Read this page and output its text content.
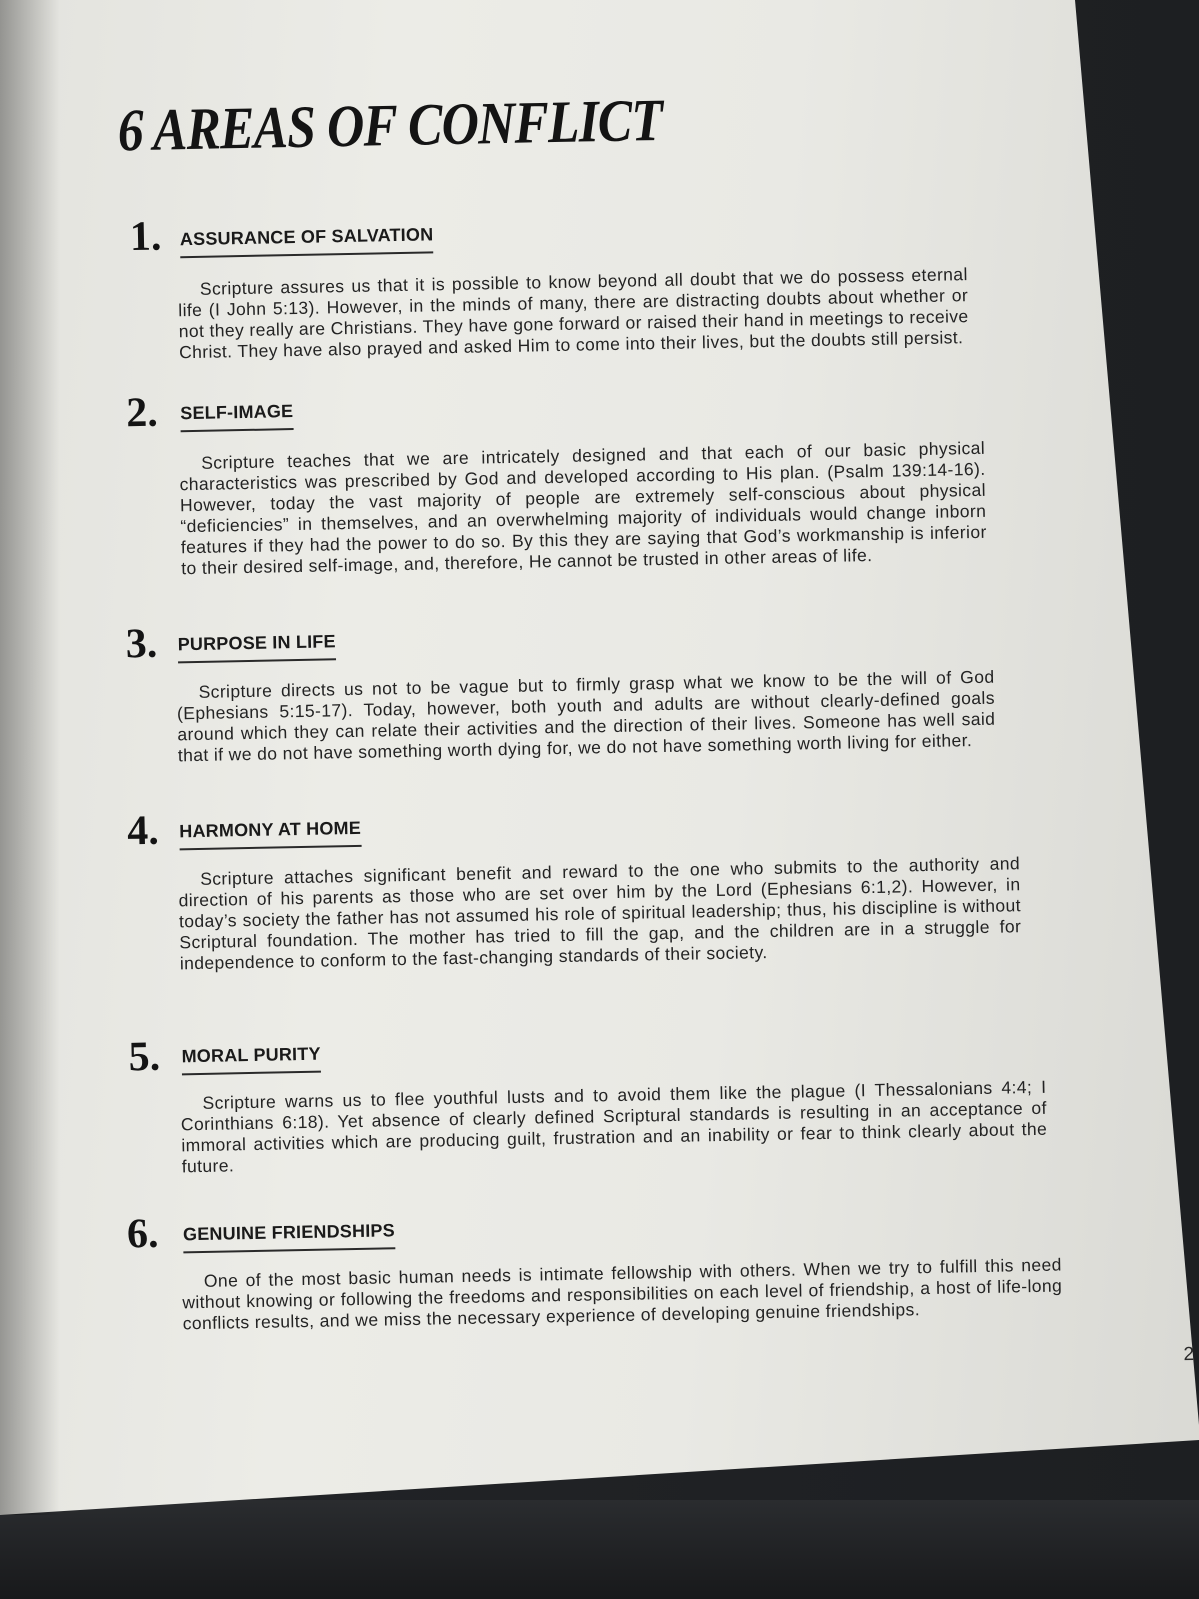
6 AREAS OF CONFLICT
1. ASSURANCE OF SALVATION
Scripture assures us that it is possible to know beyond all doubt that we do possess eternal life (I John 5:13). However, in the minds of many, there are distracting doubts about whether or not they really are Christians. They have gone forward or raised their hand in meetings to receive Christ. They have also prayed and asked Him to come into their lives, but the doubts still persist.
2. SELF-IMAGE
Scripture teaches that we are intricately designed and that each of our basic physical characteristics was prescribed by God and developed according to His plan. (Psalm 139:14-16). However, today the vast majority of people are extremely self-conscious about physical “deficiencies” in themselves, and an overwhelming majority of individuals would change inborn features if they had the power to do so. By this they are saying that God’s workmanship is inferior to their desired self-image, and, therefore, He cannot be trusted in other areas of life.
3. PURPOSE IN LIFE
Scripture directs us not to be vague but to firmly grasp what we know to be the will of God (Ephesians 5:15-17). Today, however, both youth and adults are without clearly-defined goals around which they can relate their activities and the direction of their lives. Someone has well said that if we do not have something worth dying for, we do not have something worth living for either.
4. HARMONY AT HOME
Scripture attaches significant benefit and reward to the one who submits to the authority and direction of his parents as those who are set over him by the Lord (Ephesians 6:1,2). However, in today’s society the father has not assumed his role of spiritual leadership; thus, his discipline is without Scriptural foundation. The mother has tried to fill the gap, and the children are in a struggle for independence to conform to the fast-changing standards of their society.
5. MORAL PURITY
Scripture warns us to flee youthful lusts and to avoid them like the plague (I Thessalonians 4:4; I Corinthians 6:18). Yet absence of clearly defined Scriptural standards is resulting in an acceptance of immoral activities which are producing guilt, frustration and an inability or fear to think clearly about the future.
6. GENUINE FRIENDSHIPS
One of the most basic human needs is intimate fellowship with others. When we try to fulfill this need without knowing or following the freedoms and responsibilities on each level of friendship, a host of life-long conflicts results, and we miss the necessary experience of developing genuine friendships.
2
